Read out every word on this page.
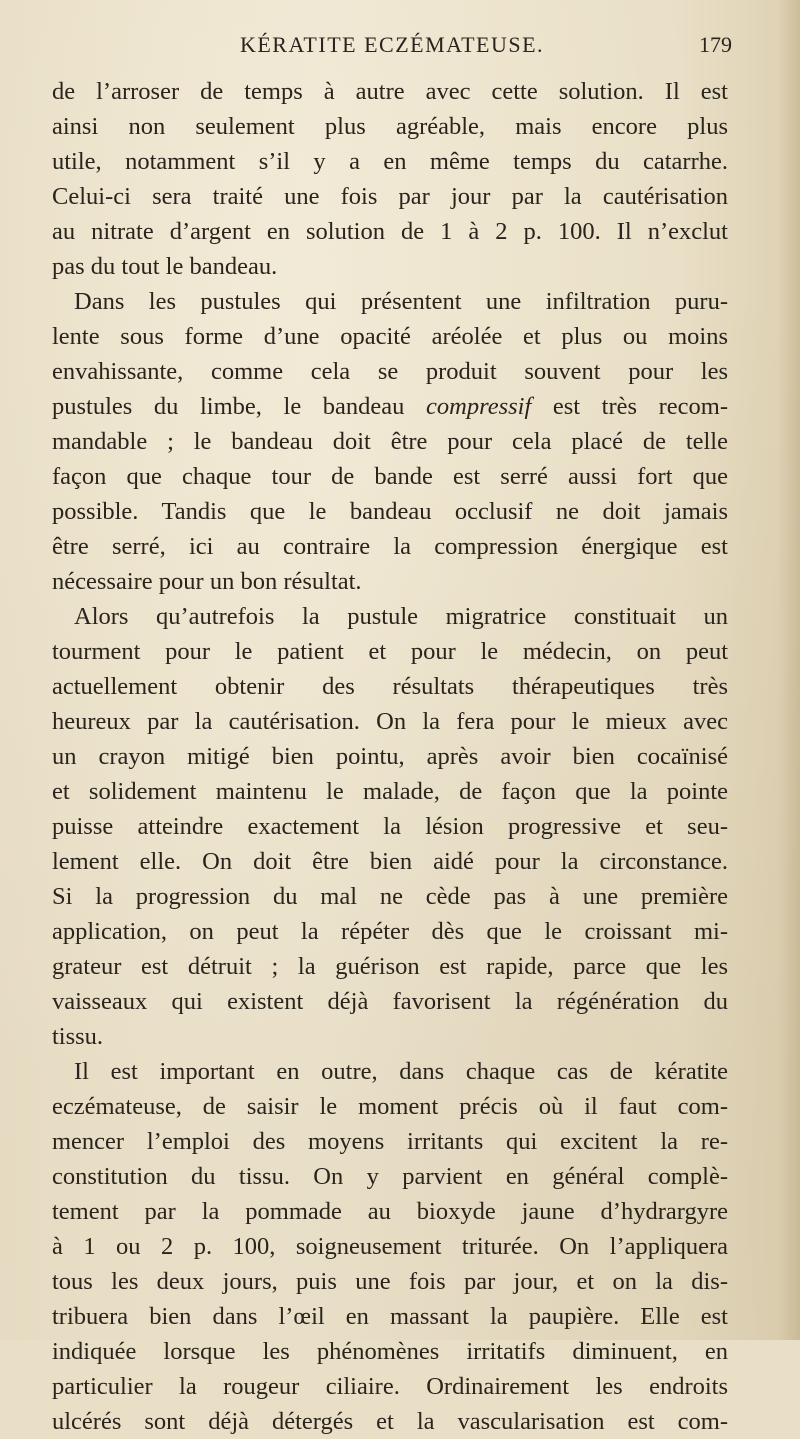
KÉRATITE ECZÉMATEUSE.	179
de l’arroser de temps à autre avec cette solution. Il est
ainsi non seulement plus agréable, mais encore plus
utile, notamment s’il y a en même temps du catarrhe.
Celui-ci sera traité une fois par jour par la cautérisation
au nitrate d’argent en solution de 1 à 2 p. 100. Il n’exclut
pas du tout le bandeau.
Dans les pustules qui présentent une infiltration puru-
lente sous forme d’une opacité aréolée et plus ou moins
envahissante, comme cela se produit souvent pour les
pustules du limbe, le bandeau compressif est très recom-
mandable ; le bandeau doit être pour cela placé de telle
façon que chaque tour de bande est serré aussi fort que
possible. Tandis que le bandeau occlusif ne doit jamais
être serré, ici au contraire la compression énergique est
nécessaire pour un bon résultat.
Alors qu’autrefois la pustule migratrice constituait un
tourment pour le patient et pour le médecin, on peut
actuellement obtenir des résultats thérapeutiques très
heureux par la cautérisation. On la fera pour le mieux avec
un crayon mitigé bien pointu, après avoir bien cocaïnisé
et solidement maintenu le malade, de façon que la pointe
puisse atteindre exactement la lésion progressive et seu-
lement elle. On doit être bien aidé pour la circonstance.
Si la progression du mal ne cède pas à une première
application, on peut la répéter dès que le croissant mi-
grateur est détruit ; la guérison est rapide, parce que les
vaisseaux qui existent déjà favorisent la régénération du
tissu.
Il est important en outre, dans chaque cas de kératite
eczémateuse, de saisir le moment précis où il faut com-
mencer l’emploi des moyens irritants qui excitent la re-
constitution du tissu. On y parvient en général complè-
tement par la pommade au bioxyde jaune d’hydrargyre
à 1 ou 2 p. 100, soigneusement triturée. On l’appliquera
tous les deux jours, puis une fois par jour, et on la dis-
tribuera bien dans l’œil en massant la paupière. Elle est
indiquée lorsque les phénomènes irritatifs diminuent, en
particulier la rougeur ciliaire. Ordinairement les endroits
ulcérés sont déjà détergés et la vascularisation est com-
